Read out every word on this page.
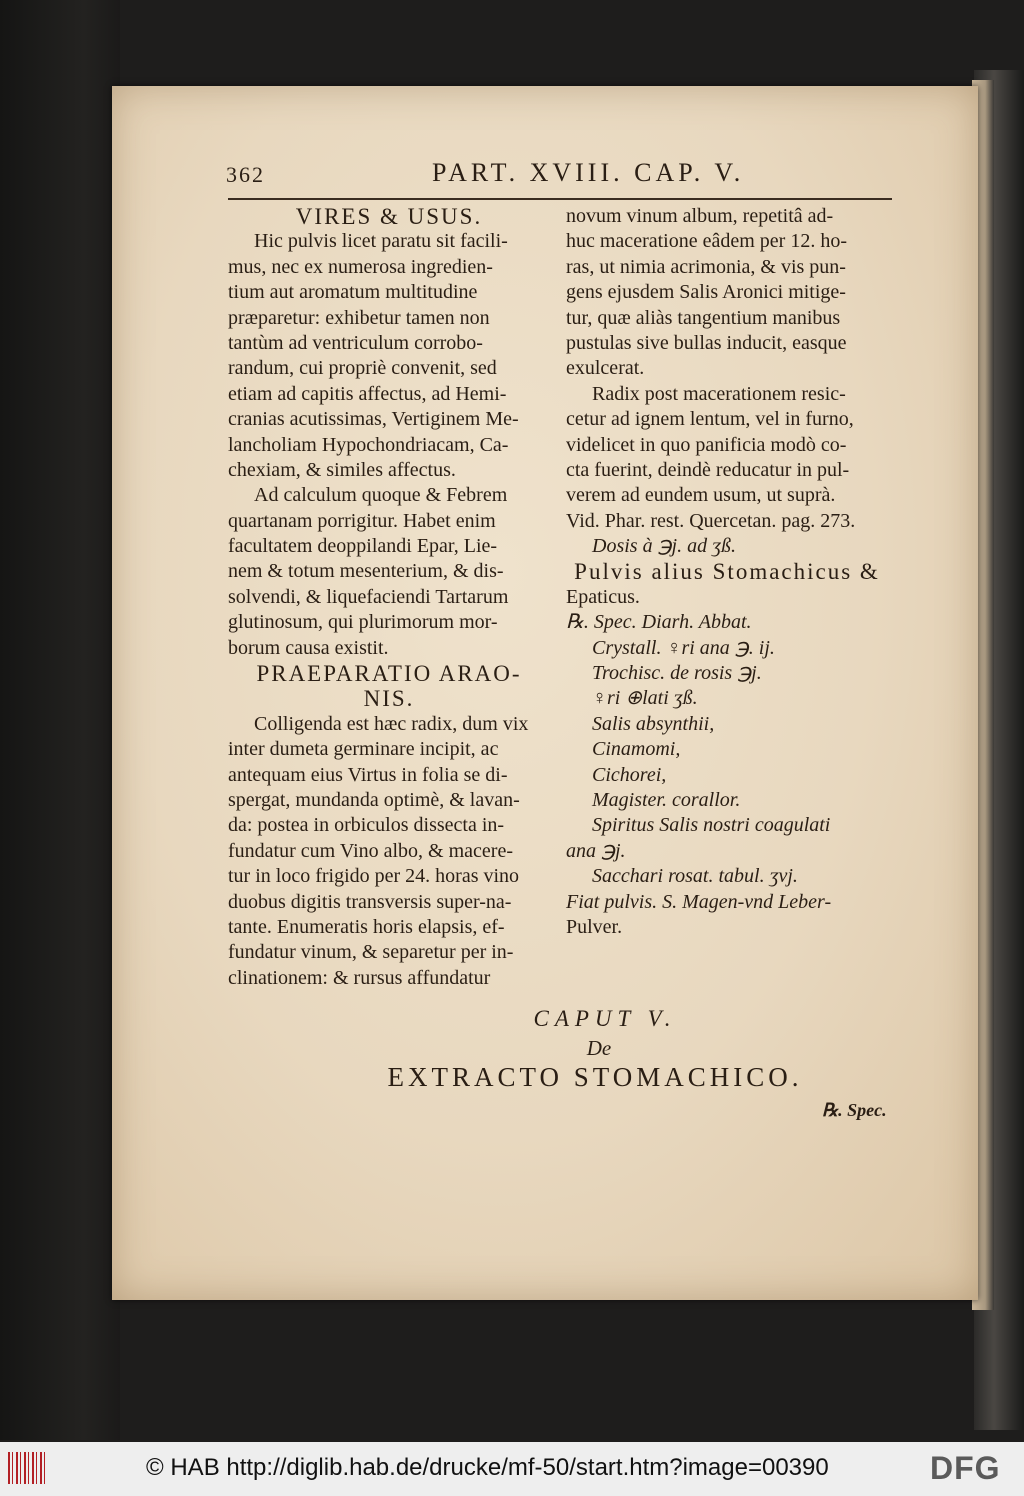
362	PART. XVIII. CAP. V.
VIRES & USUS.
Hic pulvis licet paratu sit facili-
mus, nec ex numerosa ingredien-
tium aut aromatum multitudine
præparetur: exhibetur tamen non
tantùm ad ventriculum corrobo-
randum, cui propriè convenit, sed
etiam ad capitis affectus, ad Hemi-
cranias acutissimas, Vertiginem Me-
lancholiam Hypochondriacam, Ca-
chexiam, & similes affectus.
Ad calculum quoque & Febrem
quartanam porrigitur. Habet enim
facultatem deoppilandi Epar, Lie-
nem & totum mesenterium, & dis-
solvendi, & liquefaciendi Tartarum
glutinosum, qui plurimorum mor-
borum causa existit.
PRAEPARATIO ARAO-
NIS.
Colligenda est hæc radix, dum vix
inter dumeta germinare incipit, ac
antequam eius Virtus in folia se di-
spergat, mundanda optimè, & lavan-
da: postea in orbiculos dissecta in-
fundatur cum Vino albo, & macere-
tur in loco frigido per 24. horas vino
duobus digitis transversis super-na-
tante. Enumeratis horis elapsis, ef-
fundatur vinum, & separetur per in-
clinationem: & rursus affundatur
novum vinum album, repetitâ ad-
huc maceratione eâdem per 12. ho-
ras, ut nimia acrimonia, & vis pun-
gens ejusdem Salis Aronici mitige-
tur, quæ aliàs tangentium manibus
pustulas sive bullas inducit, easque
exulcerat.
Radix post macerationem resic-
cetur ad ignem lentum, vel in furno,
videlicet in quo panificia modò co-
cta fuerint, deindè reducatur in pul-
verem ad eundem usum, ut suprà.
Vid. Phar. rest. Quercetan. pag. 273.
Dosis à ℈j. ad ʒß.
Pulvis alius Stomachicus &
Epaticus.
℞. Spec. Diarh. Abbat.
Crystall. ♀ri ana ℈. ij.
Trochisc. de rosis ℈j.
♀ri ⊕lati ʒß.
Salis absynthii,
Cinamomi,
Cichorei,
Magister. corallor.
Spiritus Salis nostri coagulati
ana ℈j.
Sacchari rosat. tabul. ʒvj.
Fiat pulvis. S. Magen-vnd Leber-
Pulver.
CAPUT V.
De
EXTRACTO STOMACHICO.
℞. Spec.
© HAB http://diglib.hab.de/drucke/mf-50/start.htm?image=00390	DFG
